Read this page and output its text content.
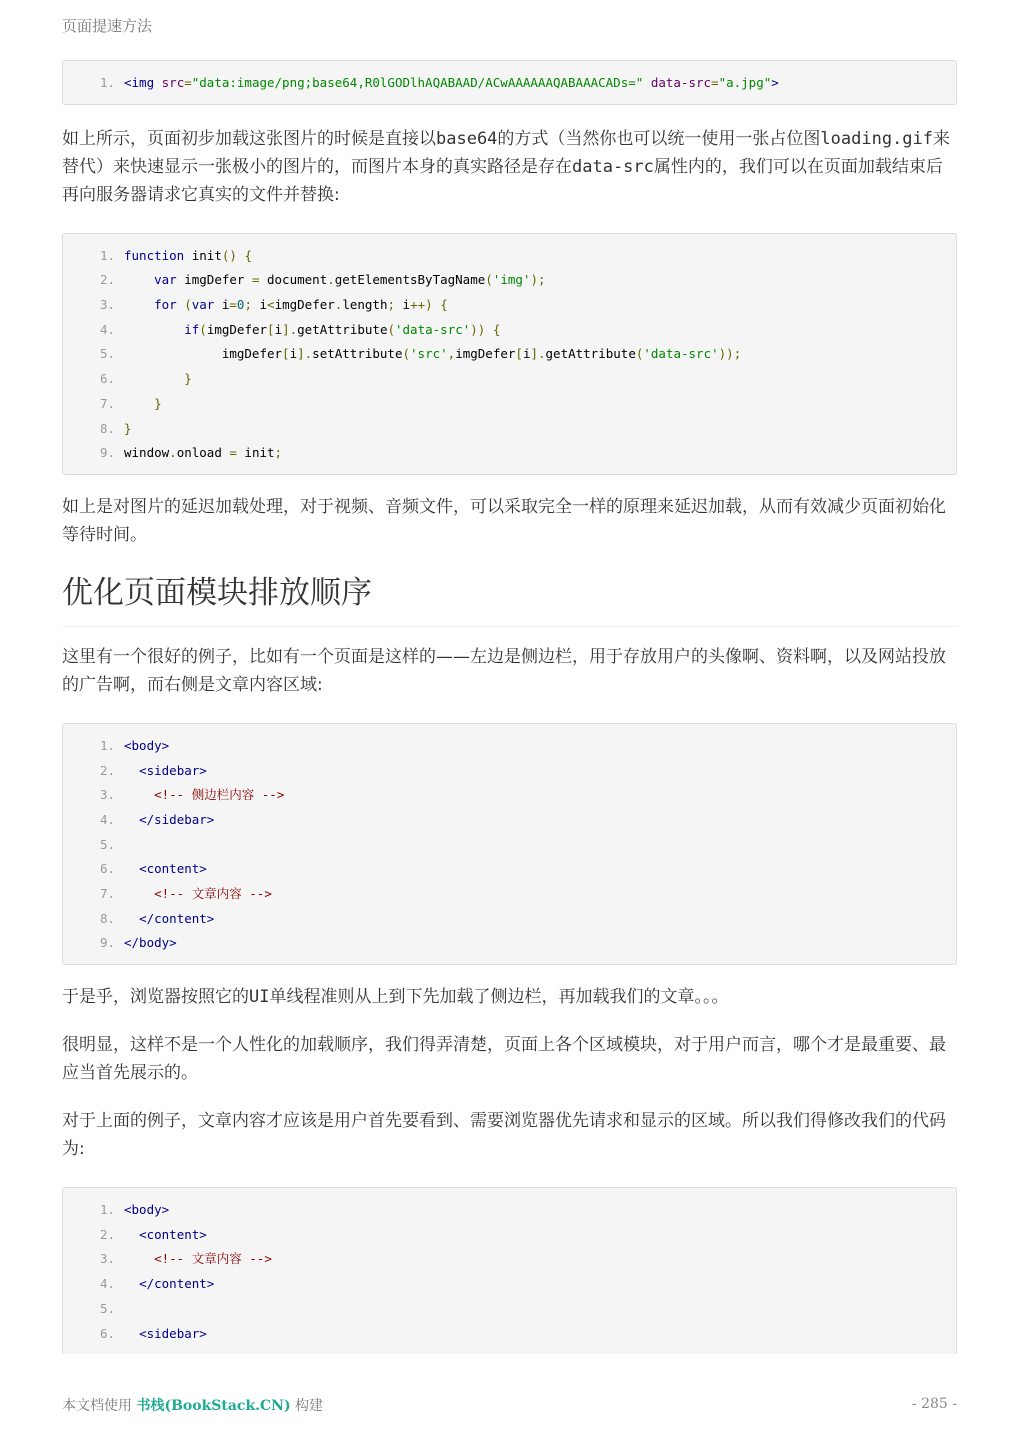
页面提速方法
1. <img src="data:image/png;base64,R0lGODlhAQABAAD/ACwAAAAAAQABAAACADs=" data-src="a.jpg">

如上所示，页面初步加载这张图片的时候是直接以base64的方式（当然你也可以统一使用一张占位图loading.gif来替代）来快速显示一张极小的图片的，而图片本身的真实路径是存在data-src属性内的，我们可以在页面加载结束后再向服务器请求它真实的文件并替换:

1. function init() {
2.	var imgDefer = document.getElementsByTagName('img');
3.	for (var i=0; i<imgDefer.length; i++) {
4.	if(imgDefer[i].getAttribute('data-src')) {
5. imgDefer[i].setAttribute('src',imgDefer[i].getAttribute('data-src'));
6.	}
7.	}
8. }
9. window.onload = init;

如上是对图片的延迟加载处理，对于视频、音频文件，可以采取完全一样的原理来延迟加载，从而有效减少页面初始化等待时间。

优化页面模块排放顺序

这里有一个很好的例子，比如有一个页面是这样的——左边是侧边栏，用于存放用户的头像啊、资料啊，以及网站投放的广告啊，而右侧是文章内容区域:

1. <body>
2.	<sidebar>
3.	<!-- 侧边栏内容 -->
4.	</sidebar>
5.
6.	<content>
7.	<!-- 文章内容 -->
8.	</content>
9. </body>

于是乎，浏览器按照它的UI单线程准则从上到下先加载了侧边栏，再加载我们的文章。。。

很明显，这样不是一个人性化的加载顺序，我们得弄清楚，页面上各个区域模块，对于用户而言，哪个才是最重要、最应当首先展示的。

对于上面的例子，文章内容才应该是用户首先要看到、需要浏览器优先请求和显示的区域。所以我们得修改我们的代码为:

1. <body>
2.	<content>
3.	<!-- 文章内容 -->
4.	</content>
5.
6.	<sidebar>
本文档使用 书栈(BookStack.CN) 构建	- 285 -
